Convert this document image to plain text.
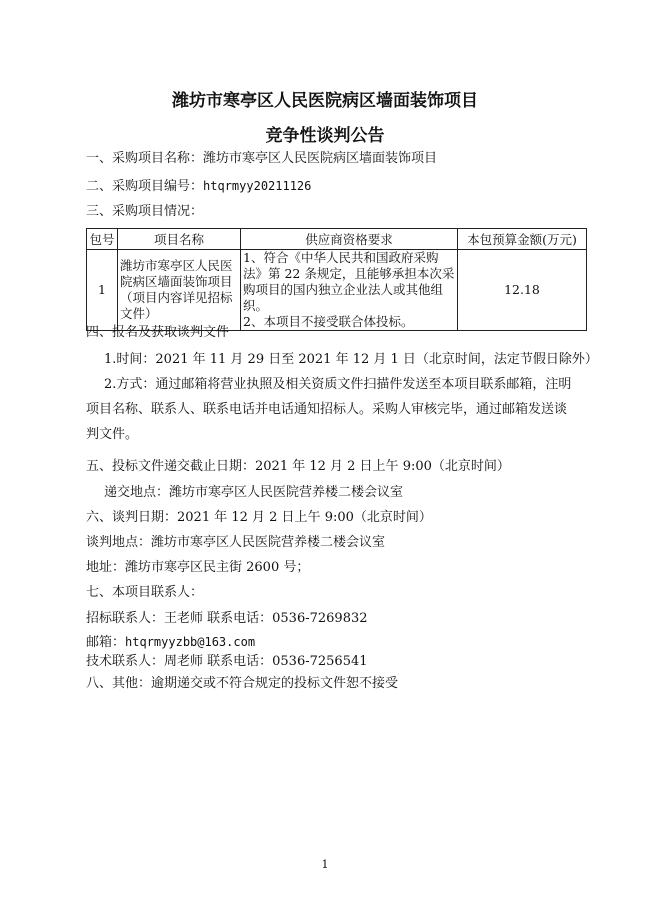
潍坊市寒亭区人民医院病区墙面装饰项目
竞争性谈判公告
一、采购项目名称：潍坊市寒亭区人民医院病区墙面装饰项目
二、采购项目编号：htqrmyy20211126
三、采购项目情况：
包号	项目名称	供应商资格要求	本包预算金额(万元)
1	潍坊市寒亭区人民医院病区墙面装饰项目（项目内容详见招标文件）	1、符合《中华人民共和国政府采购法》第 22 条规定，且能够承担本次采购项目的国内独立企业法人或其他组织。
2、本项目不接受联合体投标。	12.18
四、报名及获取谈判文件
1.时间：2021 年 11 月 29 日至 2021 年 12 月 1 日（北京时间，法定节假日除外）
2.方式：通过邮箱将营业执照及相关资质文件扫描件发送至本项目联系邮箱，注明项目名称、联系人、联系电话并电话通知招标人。采购人审核完毕，通过邮箱发送谈判文件。
五、投标文件递交截止日期：2021 年 12 月 2 日上午 9:00（北京时间）
递交地点：潍坊市寒亭区人民医院营养楼二楼会议室
六、谈判日期：2021 年 12 月 2 日上午 9:00（北京时间）
谈判地点：潍坊市寒亭区人民医院营养楼二楼会议室
地址：潍坊市寒亭区民主街 2600 号；
七、本项目联系人：
招标联系人：王老师 联系电话：0536-7269832
邮箱：htqrmyyzbb@163.com
技术联系人：周老师 联系电话：0536-7256541
八、其他：逾期递交或不符合规定的投标文件恕不接受
1
